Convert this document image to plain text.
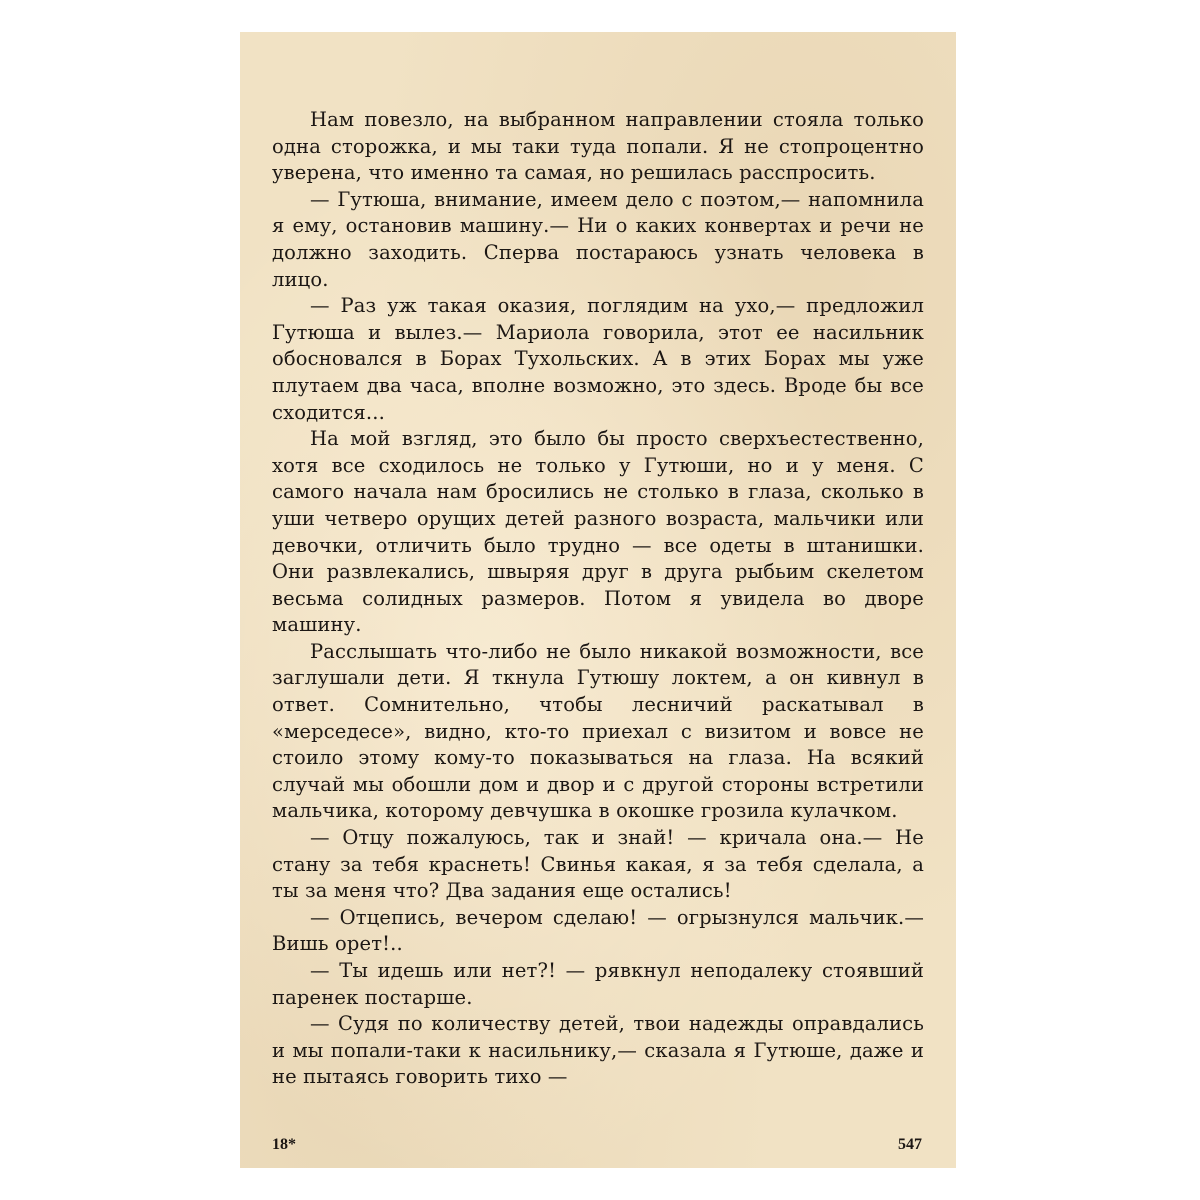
Нам повезло, на выбранном направлении стояла только одна сторожка, и мы таки туда попали. Я не стопроцентно уверена, что именно та самая, но решилась расспросить.

— Гутюша, внимание, имеем дело с поэтом,— напомнила я ему, остановив машину.— Ни о каких конвертах и речи не должно заходить. Сперва постараюсь узнать человека в лицо.

— Раз уж такая оказия, поглядим на ухо,— предложил Гутюша и вылез.— Мариола говорила, этот ее насильник обосновался в Борах Тухольских. А в этих Борах мы уже плутаем два часа, вполне возможно, это здесь. Вроде бы все сходится...

На мой взгляд, это было бы просто сверхъестественно, хотя все сходилось не только у Гутюши, но и у меня. С самого начала нам бросились не столько в глаза, сколько в уши четверо орущих детей разного возраста, мальчики или девочки, отличить было трудно — все одеты в штанишки. Они развлекались, швыряя друг в друга рыбьим скелетом весьма солидных размеров. Потом я увидела во дворе машину.

Расслышать что-либо не было никакой возможности, все заглушали дети. Я ткнула Гутюшу локтем, а он кивнул в ответ. Сомнительно, чтобы лесничий раскатывал в «мерседесе», видно, кто-то приехал с визитом и вовсе не стоило этому кому-то показываться на глаза. На всякий случай мы обошли дом и двор и с другой стороны встретили мальчика, которому девчушка в окошке грозила кулачком.

— Отцу пожалуюсь, так и знай! — кричала она.— Не стану за тебя краснеть! Свинья какая, я за тебя сделала, а ты за меня что? Два задания еще остались!

— Отцепись, вечером сделаю! — огрызнулся мальчик.— Вишь орет!..

— Ты идешь или нет?! — рявкнул неподалеку стоявший паренек постарше.

— Судя по количеству детей, твои надежды оправдались и мы попали-таки к насильнику,— сказала я Гутюше, даже и не пытаясь говорить тихо —

18*	547
